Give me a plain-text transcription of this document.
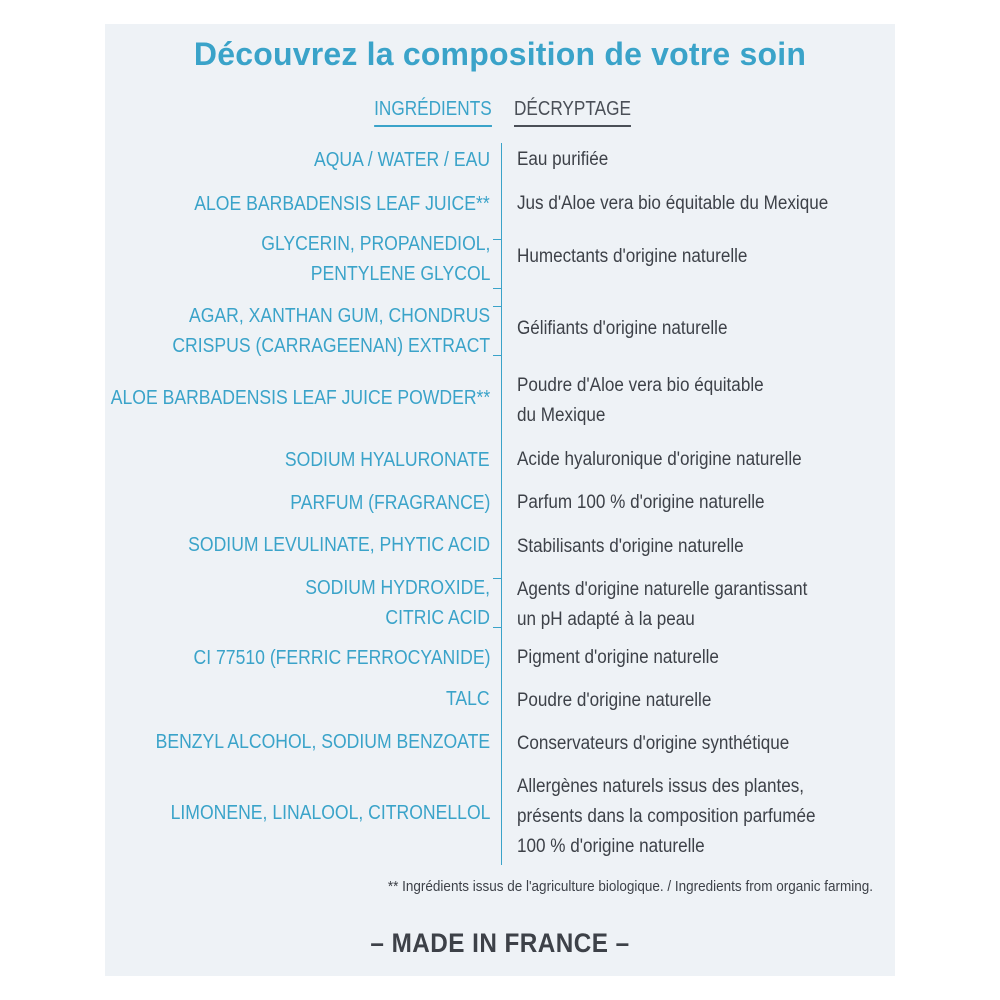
Découvrez la composition de votre soin
INGRÉDIENTS DÉCRYPTAGE
AQUA / WATER / EAU Eau purifiée
ALOE BARBADENSIS LEAF JUICE** Jus d'Aloe vera bio équitable du Mexique
GLYCERIN, PROPANEDIOL,
PENTYLENE GLYCOL
Humectants d'origine naturelle
AGAR, XANTHAN GUM, CHONDRUS
CRISPUS (CARRAGEENAN) EXTRACT
Gélifiants d'origine naturelle
ALOE BARBADENSIS LEAF JUICE POWDER**
Poudre d'Aloe vera bio équitable
du Mexique
SODIUM HYALURONATE Acide hyaluronique d'origine naturelle
PARFUM (FRAGRANCE) Parfum 100 % d'origine naturelle
SODIUM LEVULINATE, PHYTIC ACID Stabilisants d'origine naturelle
SODIUM HYDROXIDE,
CITRIC ACID
Agents d'origine naturelle garantissant
un pH adapté à la peau
CI 77510 (FERRIC FERROCYANIDE) Pigment d'origine naturelle
TALC Poudre d'origine naturelle
BENZYL ALCOHOL, SODIUM BENZOATE Conservateurs d'origine synthétique
LIMONENE, LINALOOL, CITRONELLOL
Allergènes naturels issus des plantes,
présents dans la composition parfumée
100 % d'origine naturelle
** Ingrédients issus de l'agriculture biologique. / Ingredients from organic farming.
– MADE IN FRANCE –
